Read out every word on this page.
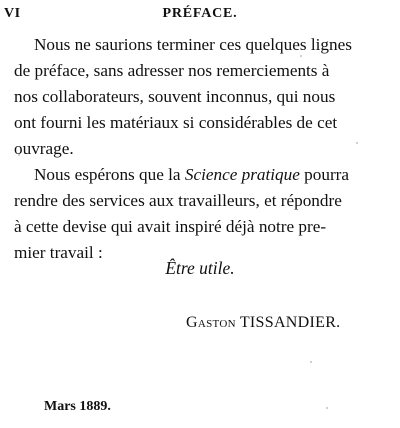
VI	PRÉFACE.

Nous ne saurions terminer ces quelques lignes
de préface, sans adresser nos remerciements à
nos collaborateurs, souvent inconnus, qui nous
ont fourni les matériaux si considérables de cet
ouvrage.

Nous espérons que la Science pratique pourra
rendre des services aux travailleurs, et répondre
à cette devise qui avait inspiré déjà notre pre-
mier travail :

Être utile.
Gaston TISSANDIER.
Mars 1889.
